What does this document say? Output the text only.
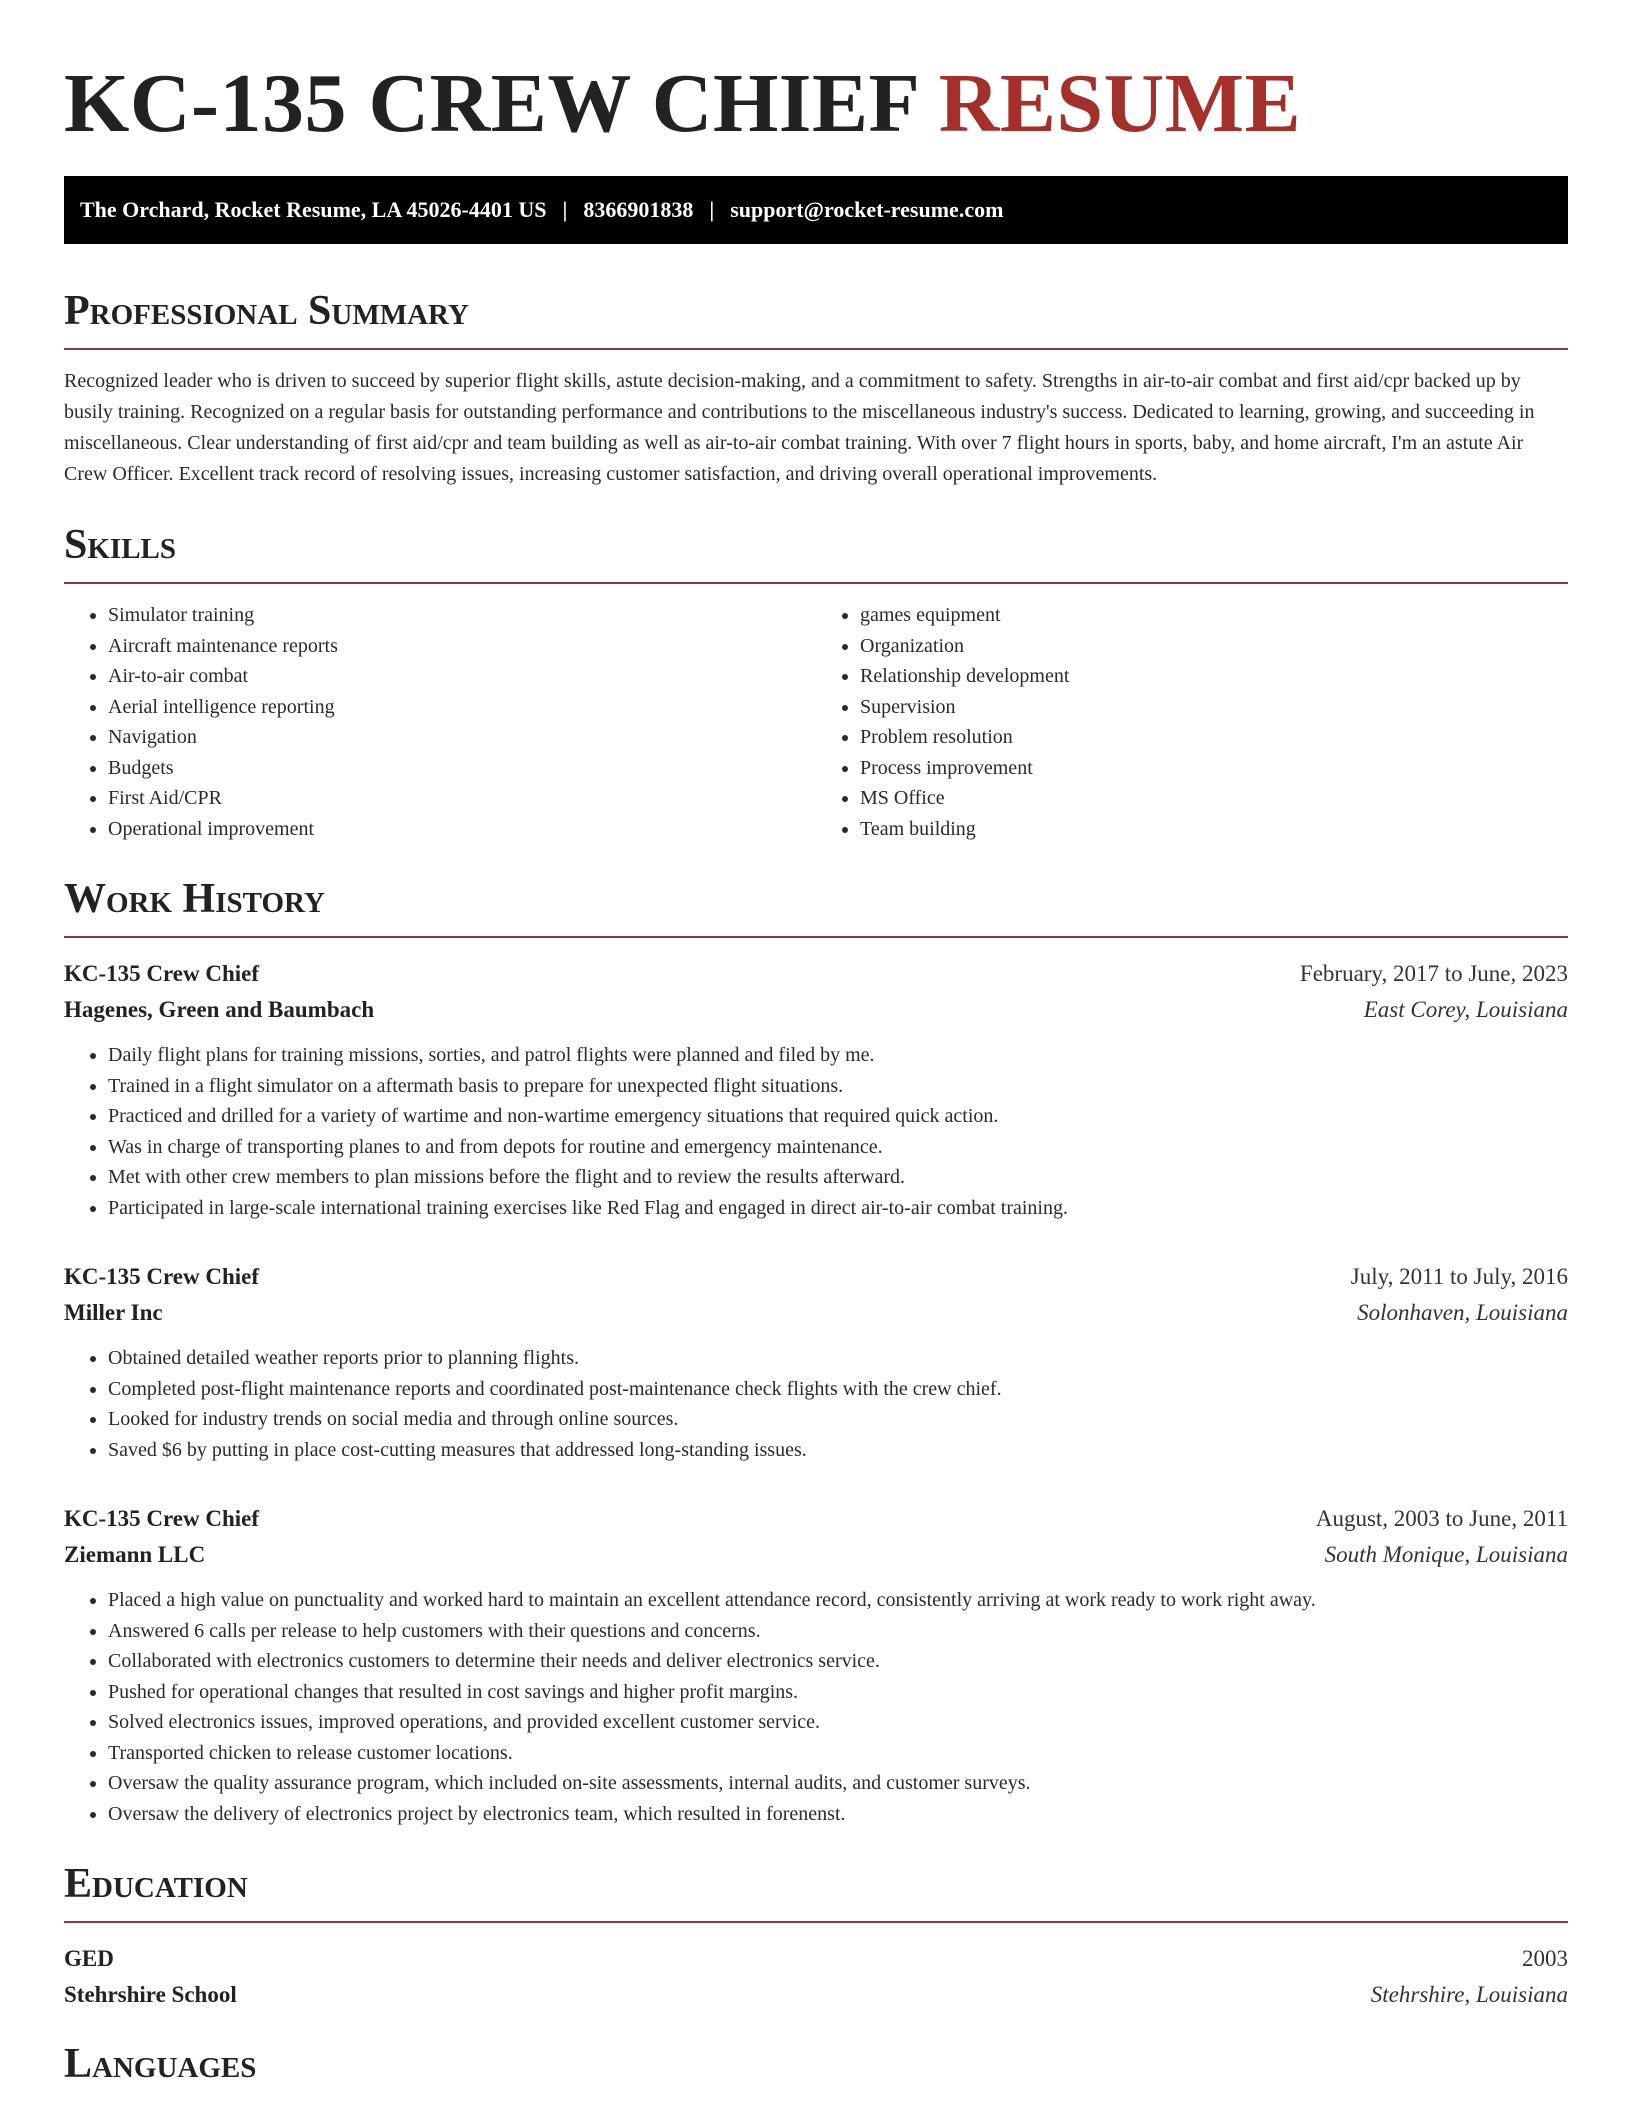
KC-135 CREW CHIEF RESUME
The Orchard, Rocket Resume, LA 45026-4401 US | 8366901838 | support@rocket-resume.com
Professional Summary

Recognized leader who is driven to succeed by superior flight skills, astute decision-making, and a commitment to safety. Strengths in air-to-air combat and first aid/cpr backed up by busily training. Recognized on a regular basis for outstanding performance and contributions to the miscellaneous industry's success. Dedicated to learning, growing, and succeeding in miscellaneous. Clear understanding of first aid/cpr and team building as well as air-to-air combat training. With over 7 flight hours in sports, baby, and home aircraft, I'm an astute Air Crew Officer. Excellent track record of resolving issues, increasing customer satisfaction, and driving overall operational improvements.

Skills
• Simulator training
• Aircraft maintenance reports
• Air-to-air combat
• Aerial intelligence reporting
• Navigation
• Budgets
• First Aid/CPR
• Operational improvement
• games equipment
• Organization
• Relationship development
• Supervision
• Problem resolution
• Process improvement
• MS Office
• Team building
Work History
KC-135 Crew Chief	February, 2017 to June, 2023
Hagenes, Green and Baumbach	East Corey, Louisiana
• Daily flight plans for training missions, sorties, and patrol flights were planned and filed by me.
• Trained in a flight simulator on a aftermath basis to prepare for unexpected flight situations.
• Practiced and drilled for a variety of wartime and non-wartime emergency situations that required quick action.
• Was in charge of transporting planes to and from depots for routine and emergency maintenance.
• Met with other crew members to plan missions before the flight and to review the results afterward.
• Participated in large-scale international training exercises like Red Flag and engaged in direct air-to-air combat training.
KC-135 Crew Chief	July, 2011 to July, 2016
Miller Inc	Solonhaven, Louisiana
• Obtained detailed weather reports prior to planning flights.
• Completed post-flight maintenance reports and coordinated post-maintenance check flights with the crew chief.
• Looked for industry trends on social media and through online sources.
• Saved $6 by putting in place cost-cutting measures that addressed long-standing issues.
KC-135 Crew Chief	August, 2003 to June, 2011
Ziemann LLC	South Monique, Louisiana
• Placed a high value on punctuality and worked hard to maintain an excellent attendance record, consistently arriving at work ready to work right away.
• Answered 6 calls per release to help customers with their questions and concerns.
• Collaborated with electronics customers to determine their needs and deliver electronics service.
• Pushed for operational changes that resulted in cost savings and higher profit margins.
• Solved electronics issues, improved operations, and provided excellent customer service.
• Transported chicken to release customer locations.
• Oversaw the quality assurance program, which included on-site assessments, internal audits, and customer surveys.
• Oversaw the delivery of electronics project by electronics team, which resulted in forenenst.
Education
GED	2003
Stehrshire School	Stehrshire, Louisiana
Languages
